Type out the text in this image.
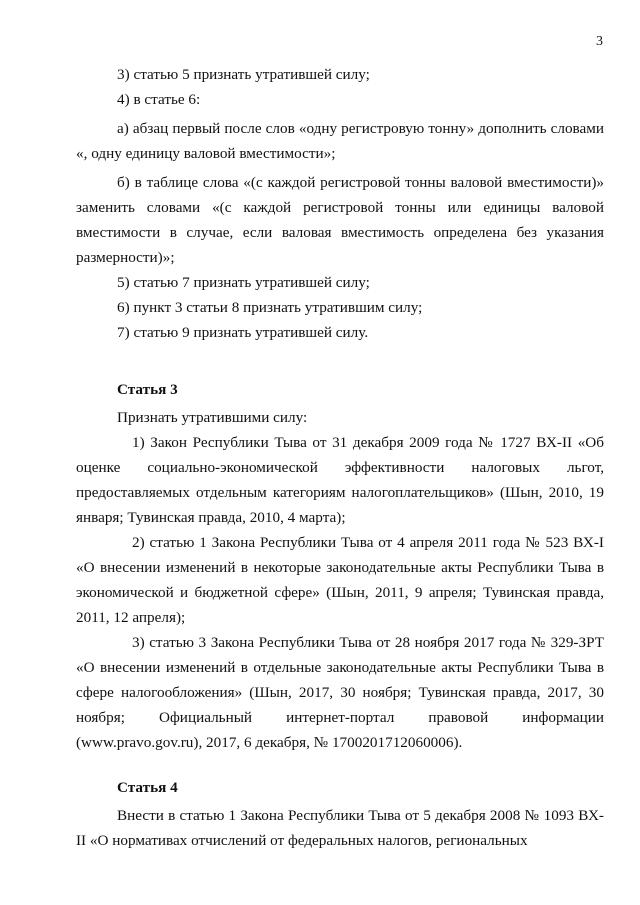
3

3) статью 5 признать утратившей силу;

4) в статье 6:

а) абзац первый после слов «одну регистровую тонну» дополнить словами «, одну единицу валовой вместимости»;

б) в таблице слова «(с каждой регистровой тонны валовой вместимости)» заменить словами «(с каждой регистровой тонны или единицы валовой вместимости в случае, если валовая вместимость определена без указания размерности)»;

5) статью 7 признать утратившей силу;

6) пункт 3 статьи 8 признать утратившим силу;

7) статью 9 признать утратившей силу.

Статья 3

Признать утратившими силу:

1) Закон Республики Тыва от 31 декабря 2009 года № 1727 ВХ-II «Об оценке социально-экономической эффективности налоговых льгот, предоставляемых отдельным категориям налогоплательщиков» (Шын, 2010, 19 января; Тувинская правда, 2010, 4 марта);

2) статью 1 Закона Республики Тыва от 4 апреля 2011 года № 523 ВХ-I «О внесении изменений в некоторые законодательные акты Республики Тыва в экономической и бюджетной сфере» (Шын, 2011, 9 апреля; Тувинская правда, 2011, 12 апреля);

3) статью 3 Закона Республики Тыва от 28 ноября 2017 года № 329-ЗРТ «О внесении изменений в отдельные законодательные акты Республики Тыва в сфере налогообложения» (Шын, 2017, 30 ноября; Тувинская правда, 2017, 30 ноября; Официальный интернет-портал правовой информации (www.pravo.gov.ru), 2017, 6 декабря, № 1700201712060006).

Статья 4

Внести в статью 1 Закона Республики Тыва от 5 декабря 2008 № 1093 ВХ-II «О нормативах отчислений от федеральных налогов, региональных
